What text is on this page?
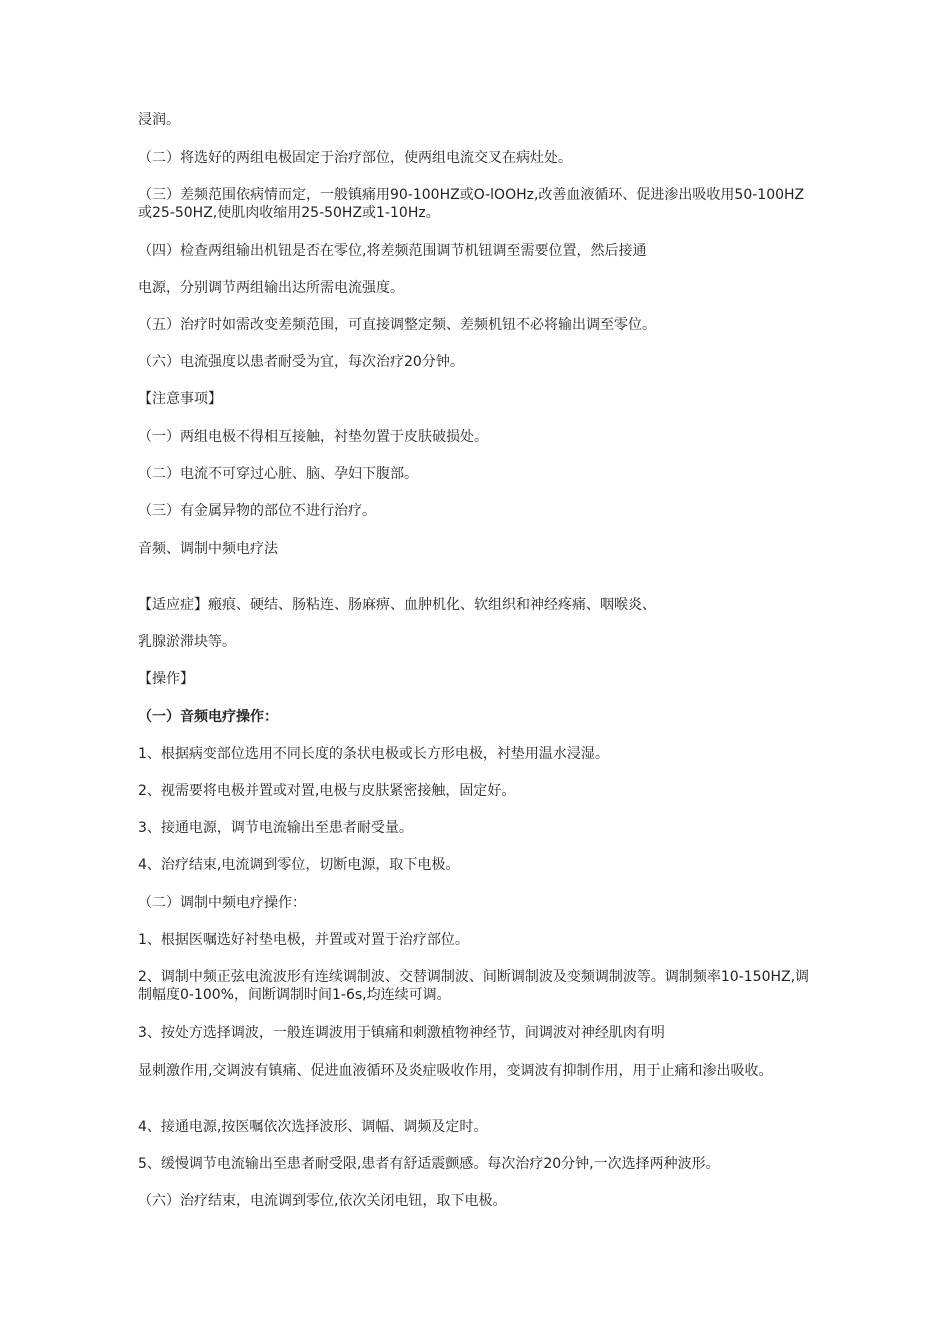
浸润。
（二）将选好的两组电极固定于治疗部位，使两组电流交叉在病灶处。
（三）差频范围依病情而定，一般镇痛用90-100HZ或O-lOOHz,改善血液循环、促进渗出吸收用50-100HZ或25-50HZ,使肌肉收缩用25-50HZ或1-10Hz。
（四）检查两组输出机钮是否在零位,将差频范围调节机钮调至需要位置，然后接通
电源，分别调节两组输出达所需电流强度。
（五）治疗时如需改变差频范围，可直接调整定频、差频机钮不必将输出调至零位。
（六）电流强度以患者耐受为宜，每次治疗20分钟。
【注意事项】
（一）两组电极不得相互接触，衬垫勿置于皮肤破损处。
（二）电流不可穿过心脏、脑、孕妇下腹部。
（三）有金属异物的部位不进行治疗。
音频、调制中频电疗法
【适应症】瘢痕、硬结、肠粘连、肠麻痹、血肿机化、软组织和神经疼痛、咽喉炎、
乳腺淤滞块等。
【操作】
（一）音频电疗操作：
1、根据病变部位选用不同长度的条状电极或长方形电极，衬垫用温水浸湿。
2、视需要将电极并置或对置,电极与皮肤紧密接触，固定好。
3、接通电源，调节电流输出至患者耐受量。
4、治疗结束,电流调到零位，切断电源，取下电极。
（二）调制中频电疗操作：
1、根据医嘱选好衬垫电极，并置或对置于治疗部位。
2、调制中频正弦电流波形有连续调制波、交替调制波、间断调制波及变频调制波等。调制频率10-150HZ,调制幅度0-100%，间断调制时间1-6s,均连续可调。
3、按处方选择调波，一般连调波用于镇痛和刺激植物神经节，间调波对神经肌肉有明
显刺激作用,交调波有镇痛、促进血液循环及炎症吸收作用，变调波有抑制作用，用于止痛和渗出吸收。
4、接通电源,按医嘱依次选择波形、调幅、调频及定时。
5、缓慢调节电流输出至患者耐受限,患者有舒适震颤感。每次治疗20分钟,一次选择两种波形。
（六）治疗结束，电流调到零位,依次关闭电钮，取下电极。
